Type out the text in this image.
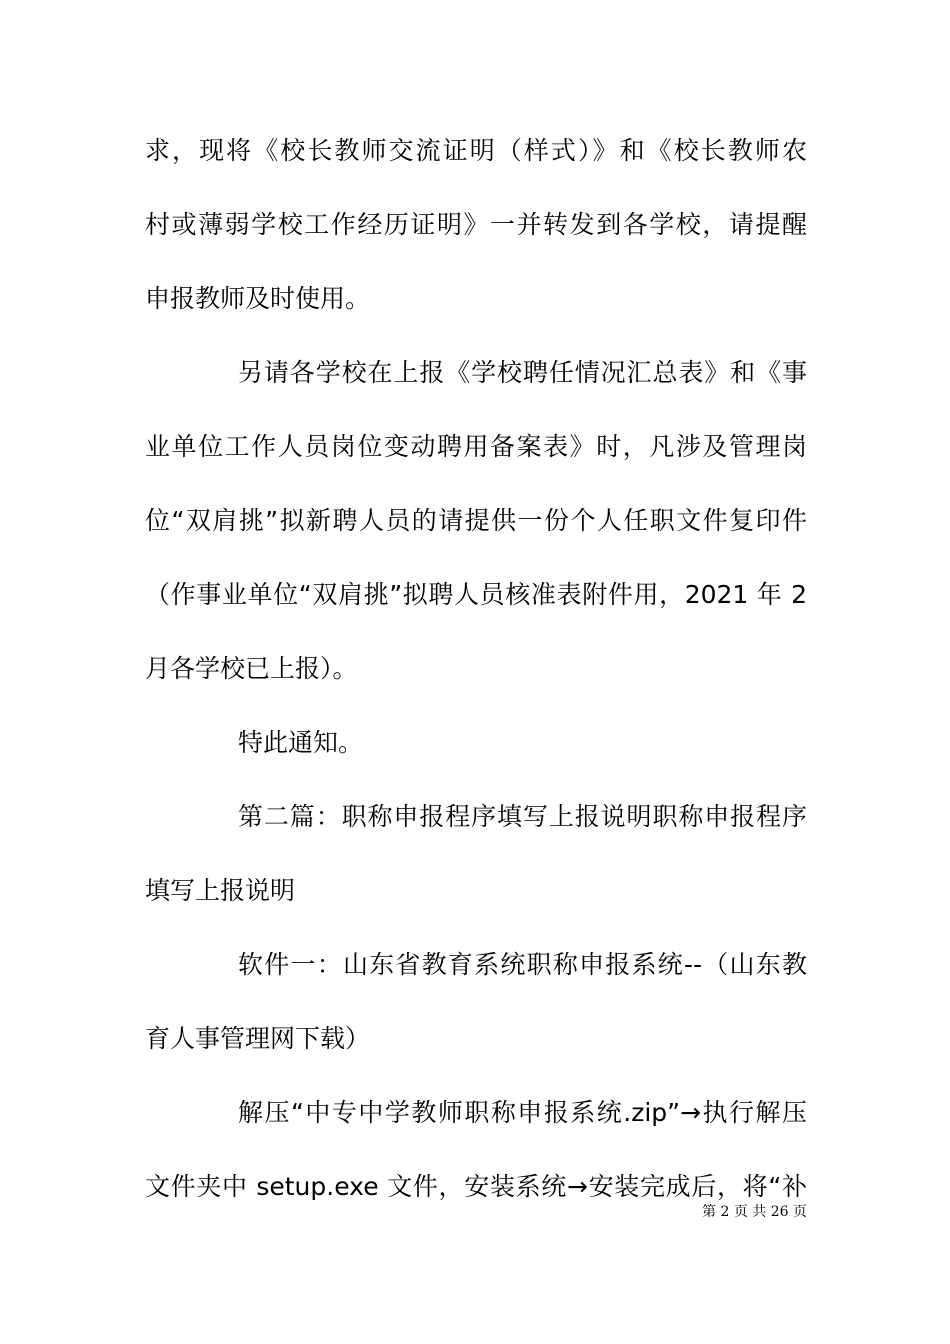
求，现将《校长教师交流证明（样式）》和《校长教师农
村或薄弱学校工作经历证明》一并转发到各学校，请提醒
申报教师及时使用。
另请各学校在上报《学校聘任情况汇总表》和《事
业单位工作人员岗位变动聘用备案表》时，凡涉及管理岗
位“双肩挑”拟新聘人员的请提供一份个人任职文件复印件
（作事业单位“双肩挑”拟聘人员核准表附件用，2021 年 2
月各学校已上报）。
特此通知。
第二篇：职称申报程序填写上报说明职称申报程序
填写上报说明
软件一：山东省教育系统职称申报系统--（山东教
育人事管理网下载）
解压“中专中学教师职称申报系统.zip”→执行解压
文件夹中 setup.exe 文件，安装系统→安装完成后，将“补
第 2 页 共 26 页
